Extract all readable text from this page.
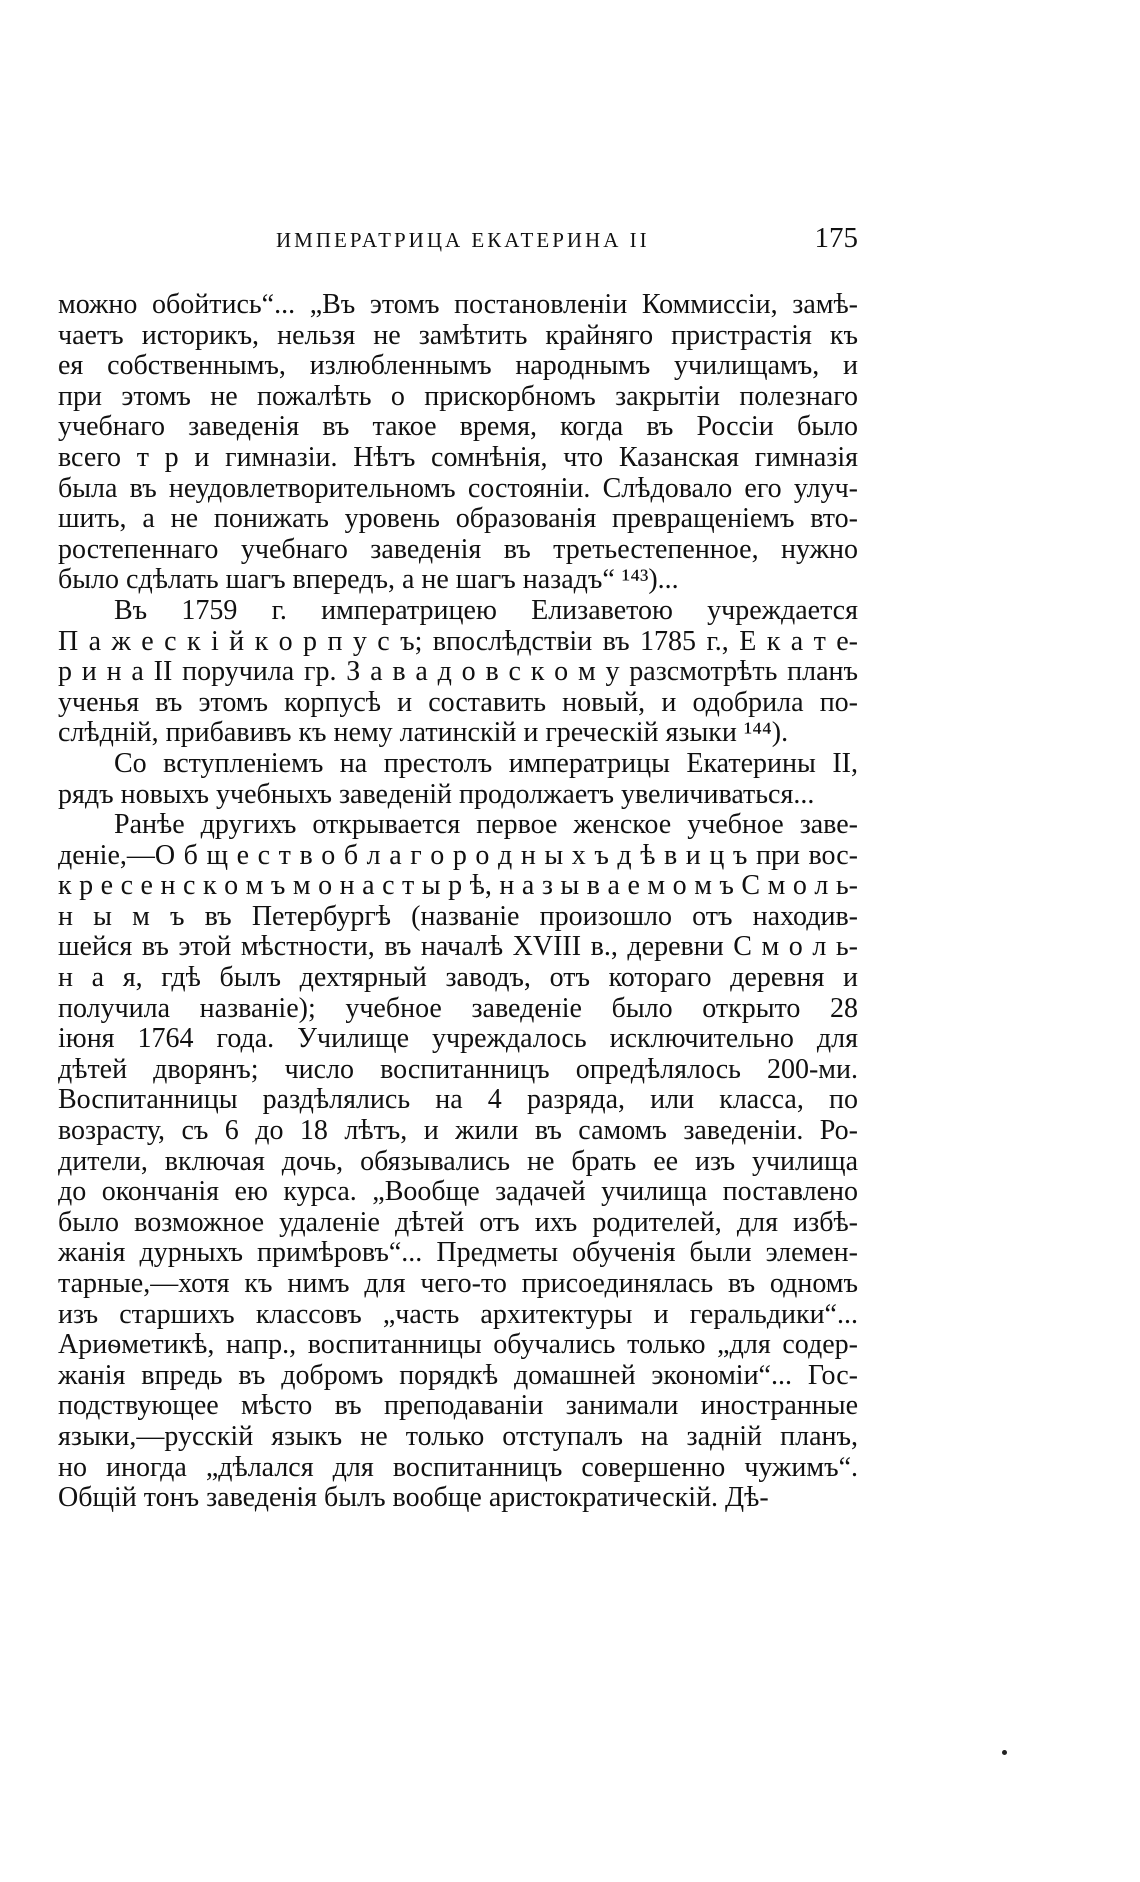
ИМПЕРАТРИЦА ЕКАТЕРИНА II	175
можно обойтись“... „Въ этомъ постановленіи Коммиссіи, замѣ-
чаетъ историкъ, нельзя не замѣтить крайняго пристрастія къ
ея собственнымъ, излюбленнымъ народнымъ училищамъ, и
при этомъ не пожалѣть о прискорбномъ закрытіи полезнаго
учебнаго заведенія въ такое время, когда въ Россіи было
всего т р и гимназіи. Нѣтъ сомнѣнія, что Казанская гимназія
была въ неудовлетворительномъ состояніи. Слѣдовало его улуч-
шить, а не понижать уровень образованія превращеніемъ вто-
ростепеннаго учебнаго заведенія въ третьестепенное, нужно
было сдѣлать шагъ впередъ, а не шагъ назадъ“ ¹⁴³)...
Въ 1759 г. императрицею Елизаветою учреждается
П а ж е с к і й к о р п у с ъ; впослѣдствіи въ 1785 г., Е к а т е-
р и н а II поручила гр. З а в а д о в с к о м у разсмотрѣть планъ
ученья въ этомъ корпусѣ и составить новый, и одобрила по-
слѣдній, прибавивъ къ нему латинскій и греческій языки ¹⁴⁴).
Со вступленіемъ на престолъ императрицы Екатерины II,
рядъ новыхъ учебныхъ заведеній продолжаетъ увеличиваться...
Ранѣе другихъ открывается первое женское учебное заве-
деніе,—О б щ е с т в о б л а г о р о д н ы х ъ д ѣ в и ц ъ при вос-
к р е с е н с к о м ъ м о н а с т ы р ѣ, н а з ы в а е м о м ъ С м о л ь-
н ы м ъ въ Петербургѣ (названіе произошло отъ находив-
шейся въ этой мѣстности, въ началѣ XVIII в., деревни С м о л ь-
н а я, гдѣ былъ дехтярный заводъ, отъ котораго деревня и
получила названіе); учебное заведеніе было открыто 28
іюня 1764 года. Училище учреждалось исключительно для
дѣтей дворянъ; число воспитанницъ опредѣлялось 200-ми.
Воспитанницы раздѣлялись на 4 разряда, или класса, по
возрасту, съ 6 до 18 лѣтъ, и жили въ самомъ заведеніи. Ро-
дители, включая дочь, обязывались не брать ее изъ училища
до окончанія ею курса. „Вообще задачей училища поставлено
было возможное удаленіе дѣтей отъ ихъ родителей, для избѣ-
жанія дурныхъ примѣровъ“... Предметы обученія были элемен-
тарные,—хотя къ нимъ для чего-то присоединялась въ одномъ
изъ старшихъ классовъ „часть архитектуры и геральдики“...
Ариѳметикѣ, напр., воспитанницы обучались только „для содер-
жанія впредь въ добромъ порядкѣ домашней экономіи“... Гос-
подствующее мѣсто въ преподаваніи занимали иностранные
языки,—русскій языкъ не только отступалъ на задній планъ,
но иногда „дѣлался для воспитанницъ совершенно чужимъ“.
Общій тонъ заведенія былъ вообще аристократическій. Дѣ-
